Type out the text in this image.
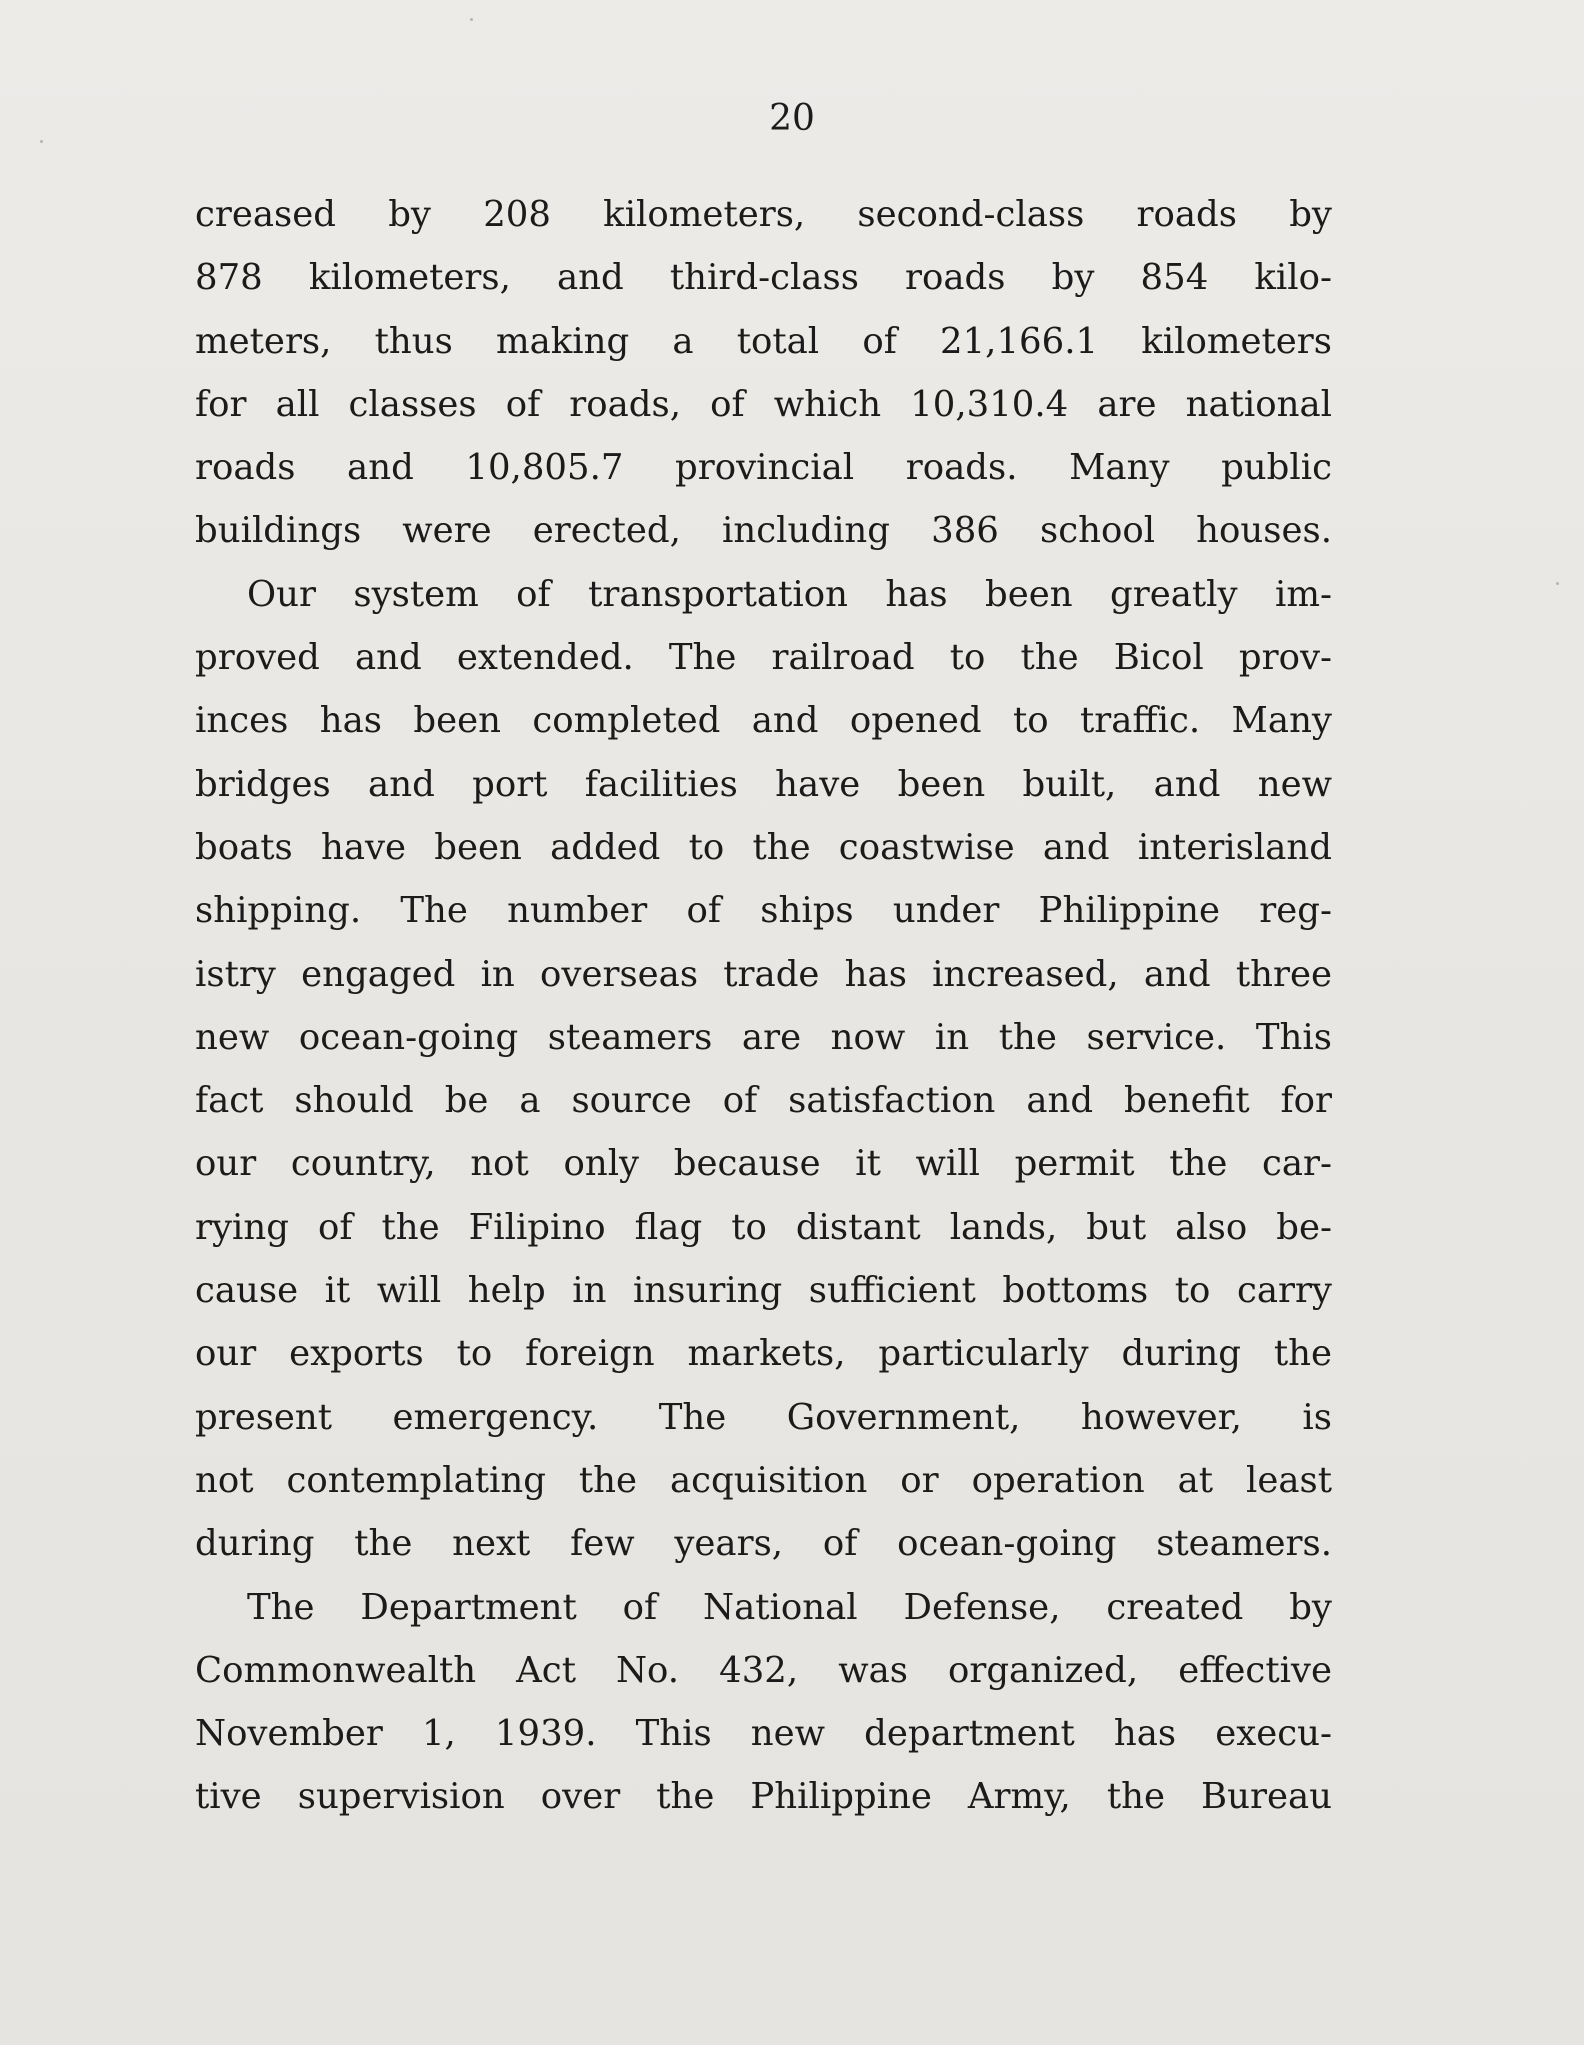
20

creased by 208 kilometers, second-class roads by

878 kilometers, and third-class roads by 854 kilo-

meters, thus making a total of 21,166.1 kilometers

for all classes of roads, of which 10,310.4 are national

roads and 10,805.7 provincial roads. Many public

buildings were erected, including 386 school houses.

Our system of transportation has been greatly im-

proved and extended. The railroad to the Bicol prov-

inces has been completed and opened to traffic. Many

bridges and port facilities have been built, and new

boats have been added to the coastwise and interisland

shipping. The number of ships under Philippine reg-

istry engaged in overseas trade has increased, and three

new ocean-going steamers are now in the service. This

fact should be a source of satisfaction and benefit for

our country, not only because it will permit the car-

rying of the Filipino flag to distant lands, but also be-

cause it will help in insuring sufficient bottoms to carry

our exports to foreign markets, particularly during the

present emergency. The Government, however, is

not contemplating the acquisition or operation at least

during the next few years, of ocean-going steamers.

The Department of National Defense, created by

Commonwealth Act No. 432, was organized, effective

November 1, 1939. This new department has execu-

tive supervision over the Philippine Army, the Bureau
